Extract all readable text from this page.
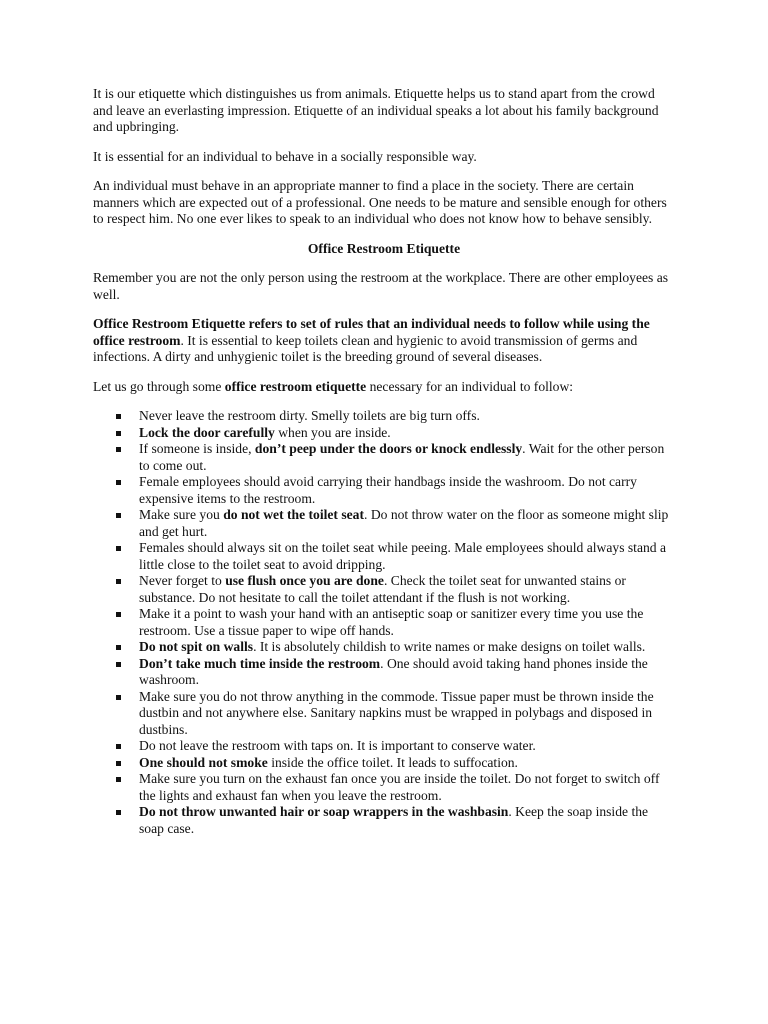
It is our etiquette which distinguishes us from animals. Etiquette helps us to stand apart from the crowd and leave an everlasting impression. Etiquette of an individual speaks a lot about his family background and upbringing.

It is essential for an individual to behave in a socially responsible way.

An individual must behave in an appropriate manner to find a place in the society. There are certain manners which are expected out of a professional. One needs to be mature and sensible enough for others to respect him. No one ever likes to speak to an individual who does not know how to behave sensibly.

Office Restroom Etiquette

Remember you are not the only person using the restroom at the workplace. There are other employees as well.

Office Restroom Etiquette refers to set of rules that an individual needs to follow while using the office restroom. It is essential to keep toilets clean and hygienic to avoid transmission of germs and infections. A dirty and unhygienic toilet is the breeding ground of several diseases.

Let us go through some office restroom etiquette necessary for an individual to follow:

Never leave the restroom dirty. Smelly toilets are big turn offs.
Lock the door carefully when you are inside.
If someone is inside, don’t peep under the doors or knock endlessly. Wait for the other person to come out.
Female employees should avoid carrying their handbags inside the washroom. Do not carry expensive items to the restroom.
Make sure you do not wet the toilet seat. Do not throw water on the floor as someone might slip and get hurt.
Females should always sit on the toilet seat while peeing. Male employees should always stand a little close to the toilet seat to avoid dripping.
Never forget to use flush once you are done. Check the toilet seat for unwanted stains or substance. Do not hesitate to call the toilet attendant if the flush is not working.
Make it a point to wash your hand with an antiseptic soap or sanitizer every time you use the restroom. Use a tissue paper to wipe off hands.
Do not spit on walls. It is absolutely childish to write names or make designs on toilet walls.
Don’t take much time inside the restroom. One should avoid taking hand phones inside the washroom.
Make sure you do not throw anything in the commode. Tissue paper must be thrown inside the dustbin and not anywhere else. Sanitary napkins must be wrapped in polybags and disposed in dustbins.
Do not leave the restroom with taps on. It is important to conserve water.
One should not smoke inside the office toilet. It leads to suffocation.
Make sure you turn on the exhaust fan once you are inside the toilet. Do not forget to switch off the lights and exhaust fan when you leave the restroom.
Do not throw unwanted hair or soap wrappers in the washbasin. Keep the soap inside the soap case.
